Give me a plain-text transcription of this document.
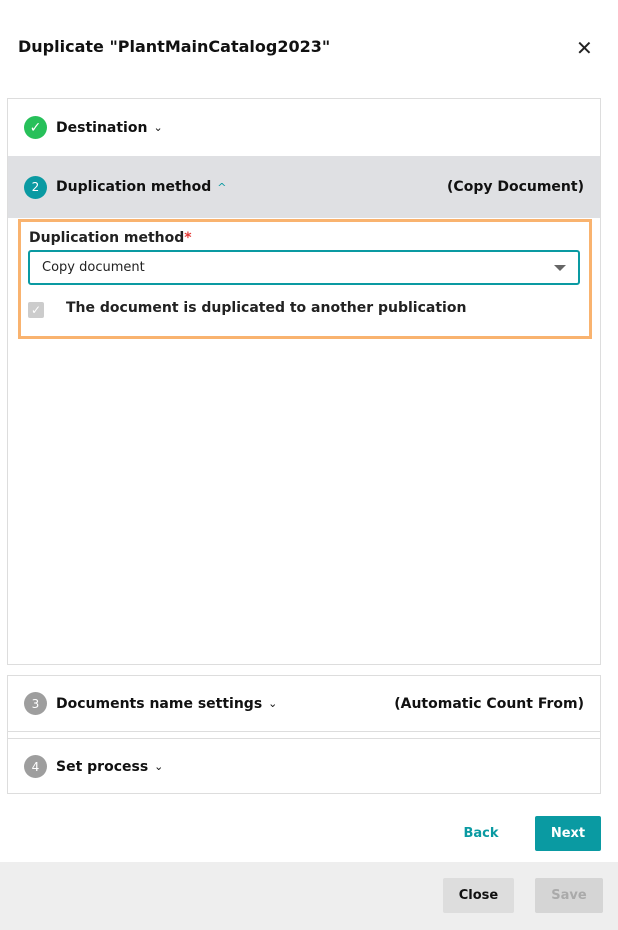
Duplicate "PlantMainCatalog2023"	✕
✓	Destination ⌄
2	Duplication method ^	(Copy Document)
Duplication method*
Copy document
✓ The document is duplicated to another publication
3	Documents name settings ⌄	(Automatic Count From)
4	Set process ⌄
Back	Next
Close	Save
